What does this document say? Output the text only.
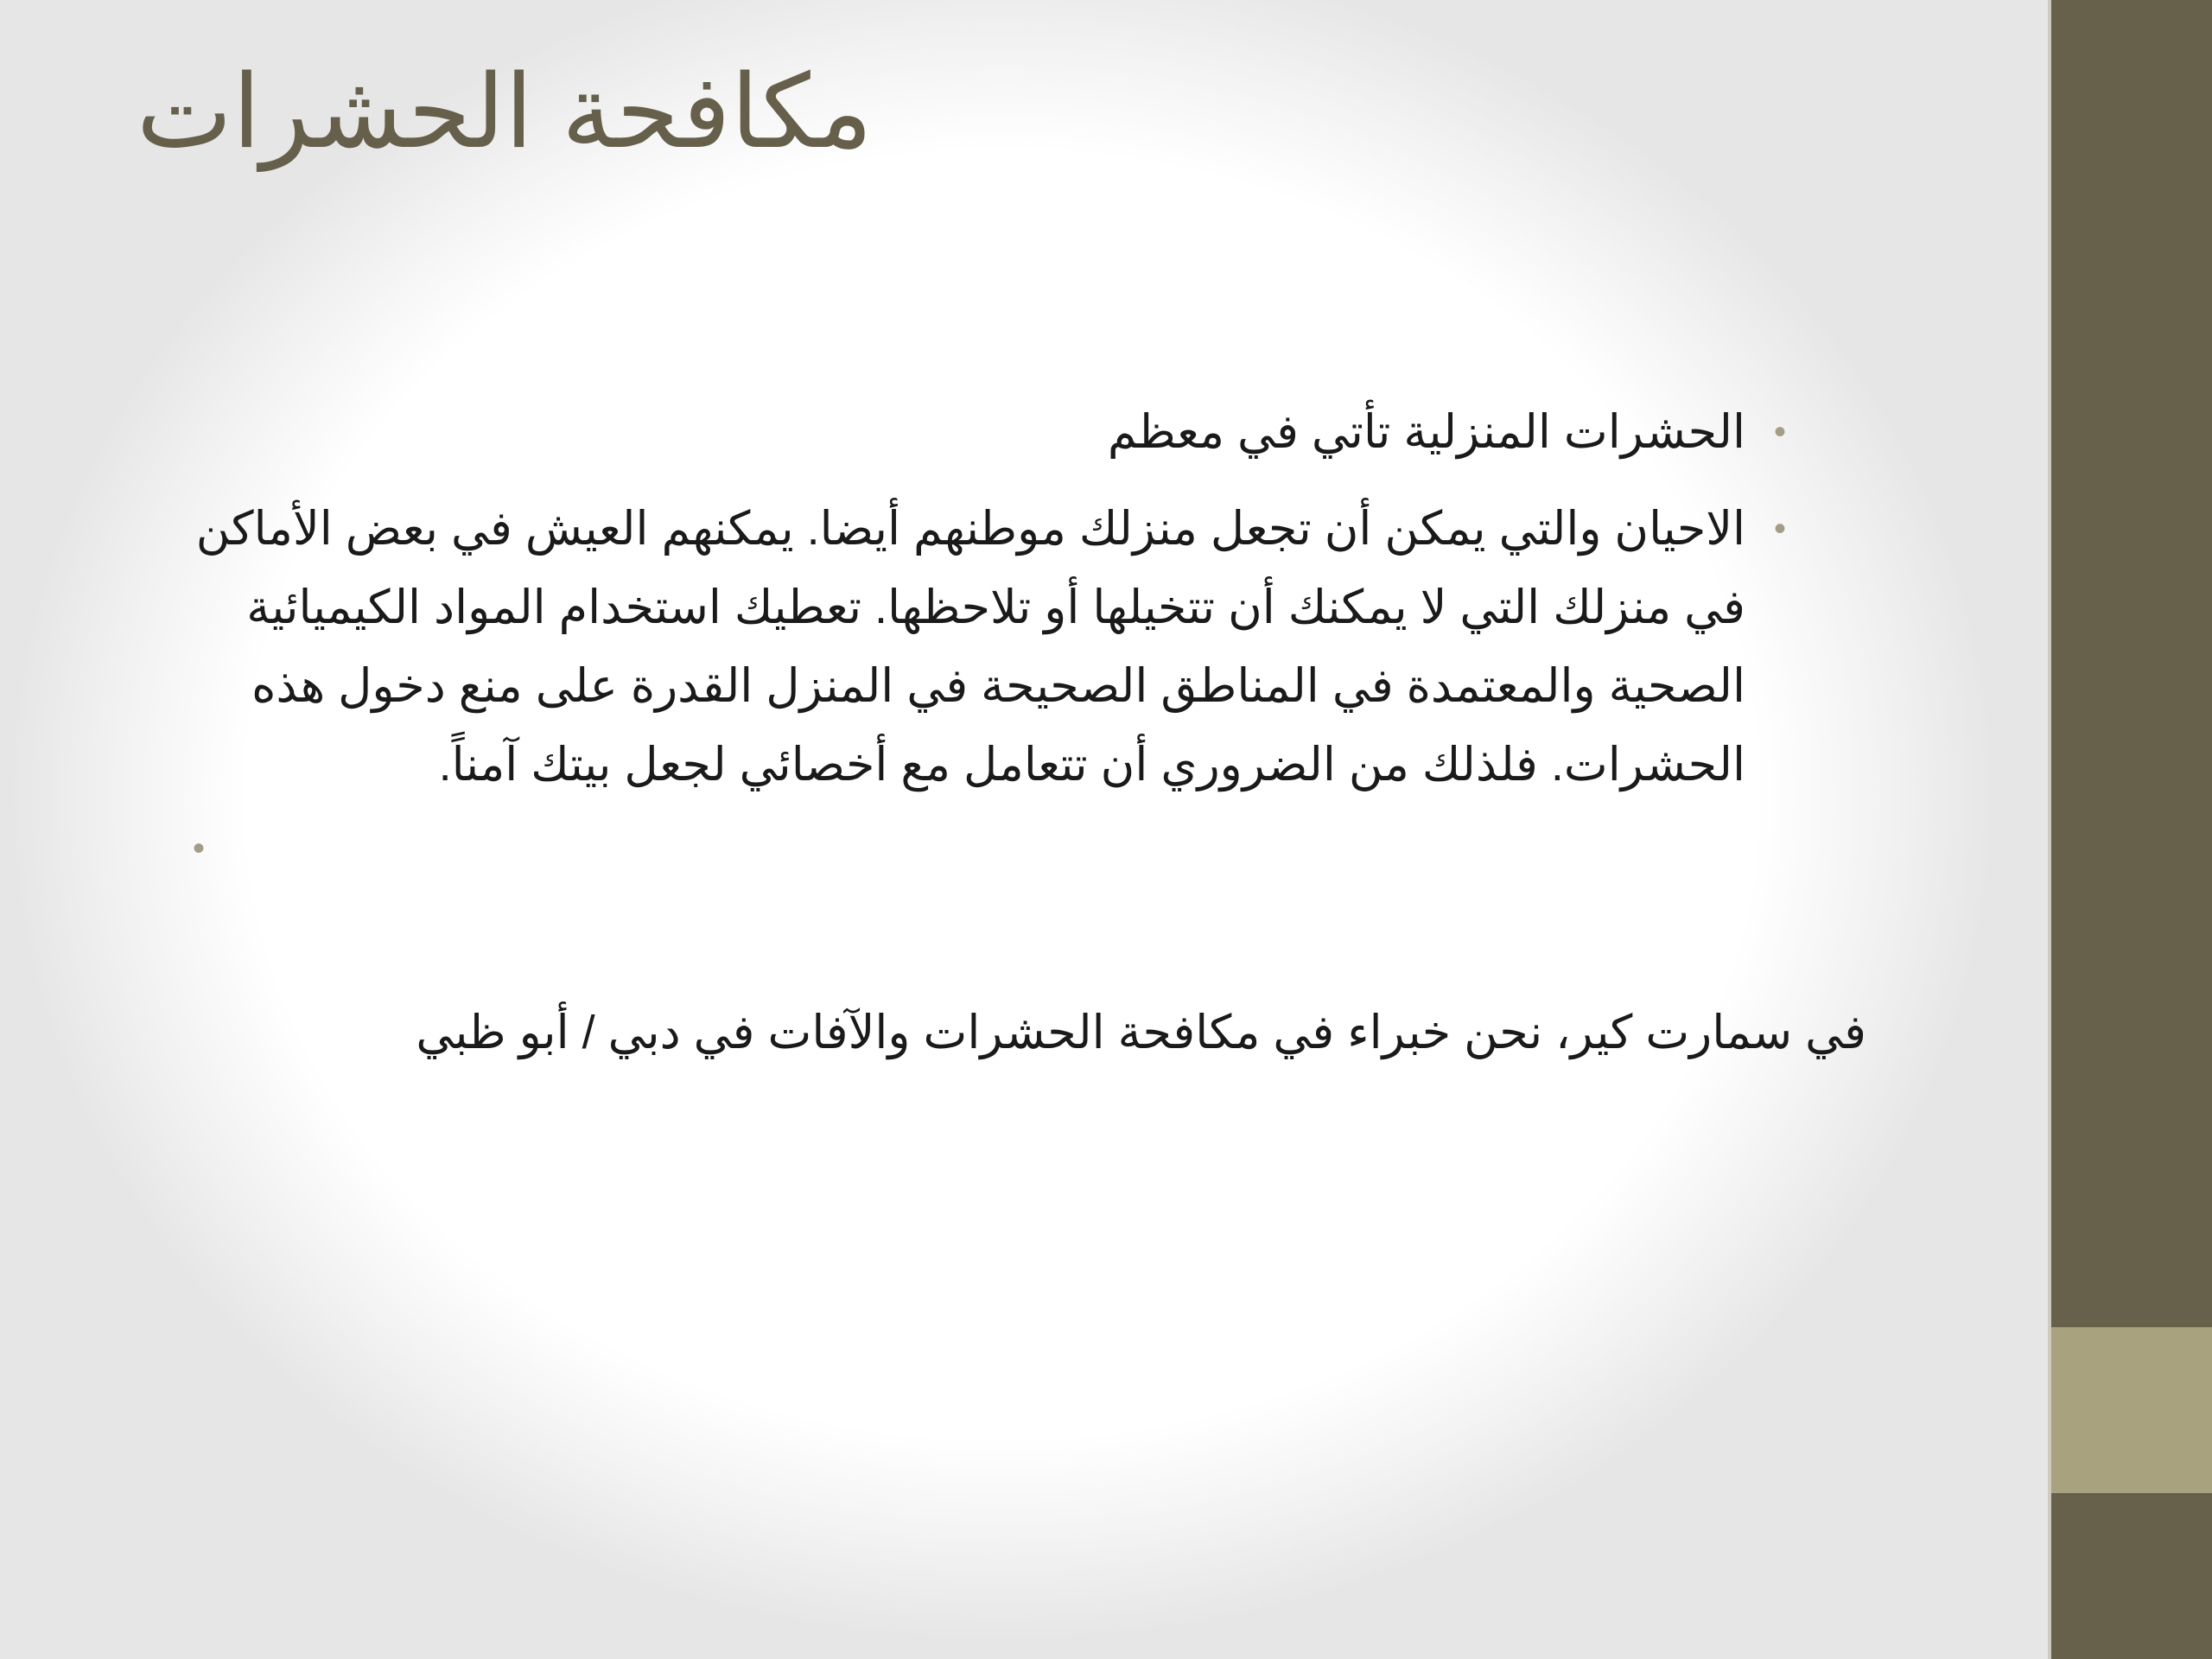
مكافحة الحشرات

•
الحشرات المنزلية تأتي في معظم

•
الاحيان والتي يمكن أن تجعل منزلك موطنهم أيضا. يمكنهم العيش في بعض الأماكن في منزلك التي لا يمكنك أن تتخيلها أو تلاحظها. تعطيك استخدام المواد الكيميائية الصحية والمعتمدة في المناطق الصحيحة في المنزل القدرة على منع دخول هذه الحشرات. فلذلك من الضروري أن تتعامل مع أخصائي لجعل بيتك آمناً.

•

في سمارت كير، نحن خبراء في مكافحة الحشرات والآفات في دبي / أبو ظبي
